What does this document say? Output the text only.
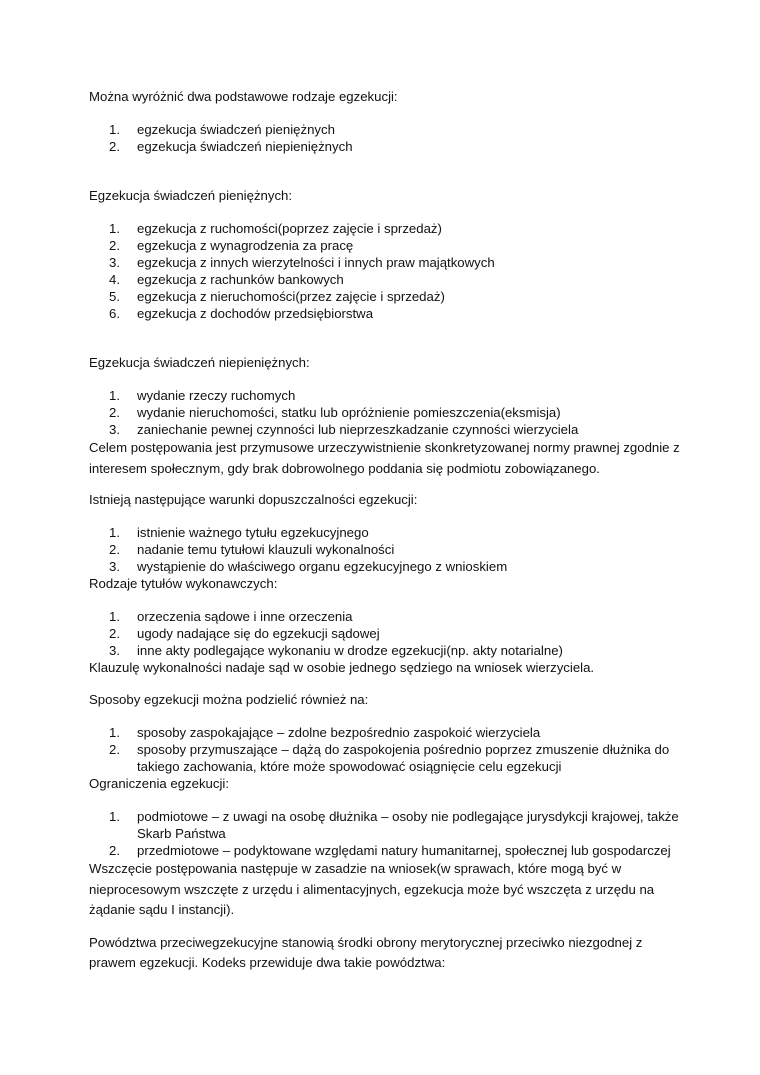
Można wyróżnić dwa podstawowe rodzaje egzekucji:

1. egzekucja świadczeń pieniężnych
2. egzekucja świadczeń niepieniężnych

Egzekucja świadczeń pieniężnych:

1. egzekucja z ruchomości(poprzez zajęcie i sprzedaż)
2. egzekucja z wynagrodzenia za pracę
3. egzekucja z innych wierzytelności i innych praw majątkowych
4. egzekucja z rachunków bankowych
5. egzekucja z nieruchomości(przez zajęcie i sprzedaż)
6. egzekucja z dochodów przedsiębiorstwa

Egzekucja świadczeń niepieniężnych:

1. wydanie rzeczy ruchomych
2. wydanie nieruchomości, statku lub opróżnienie pomieszczenia(eksmisja)
3. zaniechanie pewnej czynności lub nieprzeszkadzanie czynności wierzyciela

Celem postępowania jest przymusowe urzeczywistnienie skonkretyzowanej normy prawnej zgodnie z interesem społecznym, gdy brak dobrowolnego poddania się podmiotu zobowiązanego.

Istnieją następujące warunki dopuszczalności egzekucji:

1. istnienie ważnego tytułu egzekucyjnego
2. nadanie temu tytułowi klauzuli wykonalności
3. wystąpienie do właściwego organu egzekucyjnego z wnioskiem

Rodzaje tytułów wykonawczych:

1. orzeczenia sądowe i inne orzeczenia
2. ugody nadające się do egzekucji sądowej
3. inne akty podlegające wykonaniu w drodze egzekucji(np. akty notarialne)

Klauzulę wykonalności nadaje sąd w osobie jednego sędziego na wniosek wierzyciela.

Sposoby egzekucji można podzielić również na:

1. sposoby zaspokajające – zdolne bezpośrednio zaspokoić wierzyciela
2. sposoby przymuszające – dążą do zaspokojenia pośrednio poprzez zmuszenie dłużnika do takiego zachowania, które może spowodować osiągnięcie celu egzekucji

Ograniczenia egzekucji:

1. podmiotowe – z uwagi na osobę dłużnika – osoby nie podlegające jurysdykcji krajowej, także Skarb Państwa
2. przedmiotowe – podyktowane względami natury humanitarnej, społecznej lub gospodarczej

Wszczęcie postępowania następuje w zasadzie na wniosek(w sprawach, które mogą być w nieprocesowym wszczęte z urzędu i alimentacyjnych, egzekucja może być wszczęta z urzędu na żądanie sądu I instancji).

Powództwa przeciwegzekucyjne stanowią środki obrony merytorycznej przeciwko niezgodnej z prawem egzekucji. Kodeks przewiduje dwa takie powództwa:
